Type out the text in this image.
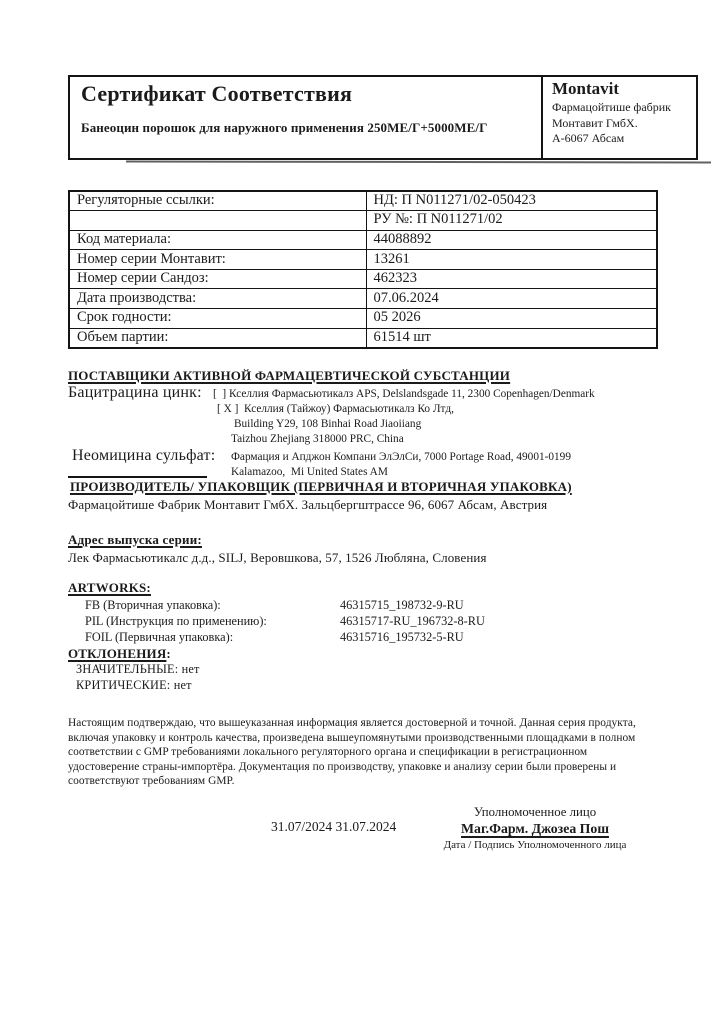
Сертификат Соответствия
Банеоцин порошок для наружного применения 250МЕ/Г+5000МЕ/Г
Montavit
Фармацойтише фабрик
Монтавит ГмбХ.
А-6067 Абсам
Регуляторные ссылки:	НД: П N011271/02-050423
	РУ №: П N011271/02
Код материала:	44088892
Номер серии Монтавит:	13261
Номер серии Сандоз:	462323
Дата производства:	07.06.2024
Срок годности:	05 2026
Объем партии:	61514 шт
ПОСТАВЩИКИ АКТИВНОЙ ФАРМАЦЕВТИЧЕСКОЙ СУБСТАНЦИИ
Бацитрацина цинк: [  ] Кселлия Фармасьютикалз APS, Delslandsgade 11, 2300 Copenhagen/Denmark
[ X ]  Кселлия (Тайжоу) Фармасьютикалз Ко Лтд,
Building Y29, 108 Binhai Road Jiaoiiang
Taizhou Zhejiang 318000 PRC, China
Неомицина сульфат: Фармация и Апджон Компани ЭлЭлСи, 7000 Portage Road, 49001-0199
Kalamazoo,  Mi United States AM
ПРОИЗВОДИТЕЛЬ/ УПАКОВЩИК (ПЕРВИЧНАЯ И ВТОРИЧНАЯ УПАКОВКА)
Фармацойтише Фабрик Монтавит ГмбХ. Зальцбергштрассе 96, 6067 Абсам, Австрия
Адрес выпуска серии:
Лек Фармасьютикалс д.д., SILJ, Веровшкова, 57, 1526 Любляна, Словения
ARTWORKS:
FB (Вторичная упаковка):	46315715_198732-9-RU
PIL (Инструкция по применению):	46315717-RU_196732-8-RU
FOIL (Первичная упаковка):	46315716_195732-5-RU
ОТКЛОНЕНИЯ:
ЗНАЧИТЕЛЬНЫЕ: нет
КРИТИЧЕСКИЕ: нет
Настоящим подтверждаю, что вышеуказанная информация является достоверной и точной. Данная серия продукта, включая упаковку и контроль качества, произведена вышеупомянутыми производственными площадками в полном соответствии с GMP требованиями локального регуляторного органа и спецификации в регистрационном удостоверение страны-импортёра. Документация по производству, упаковке и анализу серии были проверены и соответствуют требованиям GMP.
31.07/2024 31.07.2024
Уполномоченное лицо
Маг.Фарм. Джозеа Пош
Дата / Подпись Уполномоченного лица
